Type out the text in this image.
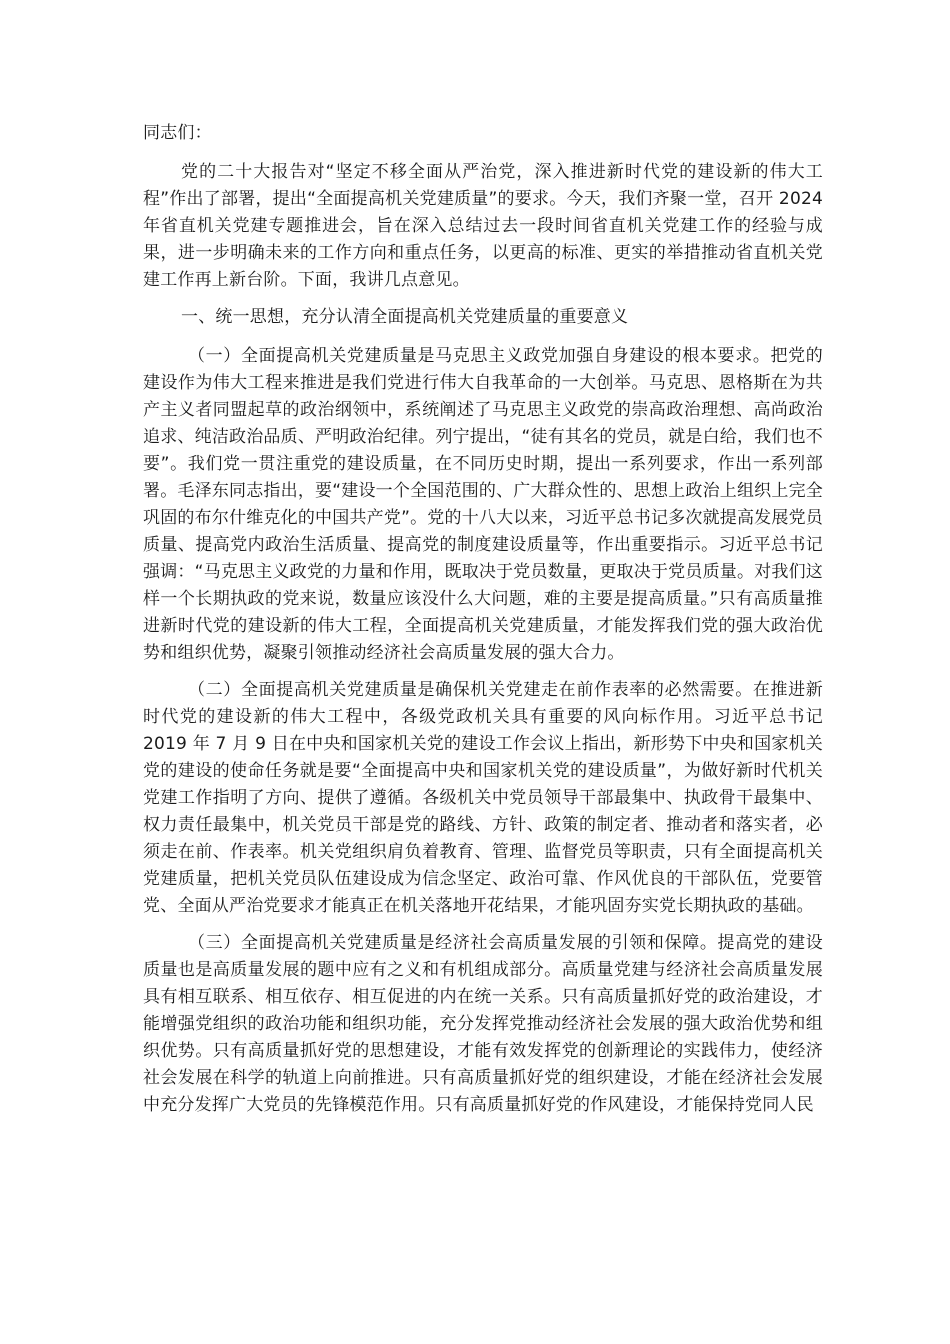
同志们：

党的二十大报告对“坚定不移全面从严治党，深入推进新时代党的建设新的伟大工程”作出了部署，提出“全面提高机关党建质量”的要求。今天，我们齐聚一堂，召开 2024 年省直机关党建专题推进会，旨在深入总结过去一段时间省直机关党建工作的经验与成果，进一步明确未来的工作方向和重点任务，以更高的标准、更实的举措推动省直机关党建工作再上新台阶。下面，我讲几点意见。

一、统一思想，充分认清全面提高机关党建质量的重要意义

（一）全面提高机关党建质量是马克思主义政党加强自身建设的根本要求。把党的建设作为伟大工程来推进是我们党进行伟大自我革命的一大创举。马克思、恩格斯在为共产主义者同盟起草的政治纲领中，系统阐述了马克思主义政党的崇高政治理想、高尚政治追求、纯洁政治品质、严明政治纪律。列宁提出，“徒有其名的党员，就是白给，我们也不要”。我们党一贯注重党的建设质量，在不同历史时期，提出一系列要求，作出一系列部署。毛泽东同志指出，要“建设一个全国范围的、广大群众性的、思想上政治上组织上完全巩固的布尔什维克化的中国共产党”。党的十八大以来，习近平总书记多次就提高发展党员质量、提高党内政治生活质量、提高党的制度建设质量等，作出重要指示。习近平总书记强调：“马克思主义政党的力量和作用，既取决于党员数量，更取决于党员质量。对我们这样一个长期执政的党来说，数量应该没什么大问题，难的主要是提高质量。”只有高质量推进新时代党的建设新的伟大工程，全面提高机关党建质量，才能发挥我们党的强大政治优势和组织优势，凝聚引领推动经济社会高质量发展的强大合力。

（二）全面提高机关党建质量是确保机关党建走在前作表率的必然需要。在推进新时代党的建设新的伟大工程中，各级党政机关具有重要的风向标作用。习近平总书记 2019 年 7 月 9 日在中央和国家机关党的建设工作会议上指出，新形势下中央和国家机关党的建设的使命任务就是要“全面提高中央和国家机关党的建设质量”，为做好新时代机关党建工作指明了方向、提供了遵循。各级机关中党员领导干部最集中、执政骨干最集中、权力责任最集中，机关党员干部是党的路线、方针、政策的制定者、推动者和落实者，必须走在前、作表率。机关党组织肩负着教育、管理、监督党员等职责，只有全面提高机关党建质量，把机关党员队伍建设成为信念坚定、政治可靠、作风优良的干部队伍，党要管党、全面从严治党要求才能真正在机关落地开花结果，才能巩固夯实党长期执政的基础。

（三）全面提高机关党建质量是经济社会高质量发展的引领和保障。提高党的建设质量也是高质量发展的题中应有之义和有机组成部分。高质量党建与经济社会高质量发展具有相互联系、相互依存、相互促进的内在统一关系。只有高质量抓好党的政治建设，才能增强党组织的政治功能和组织功能，充分发挥党推动经济社会发展的强大政治优势和组织优势。只有高质量抓好党的思想建设，才能有效发挥党的创新理论的实践伟力，使经济社会发展在科学的轨道上向前推进。只有高质量抓好党的组织建设，才能在经济社会发展中充分发挥广大党员的先锋模范作用。只有高质量抓好党的作风建设，才能保持党同人民
